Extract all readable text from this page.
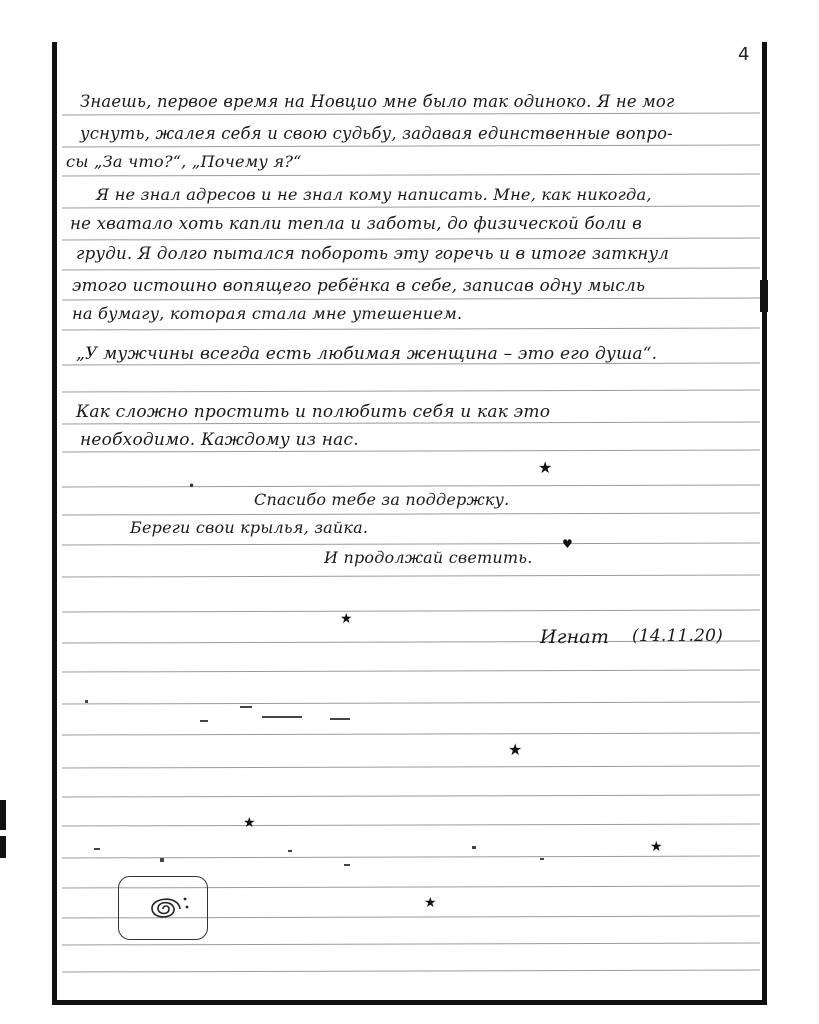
4
Знаешь, первое время на Новцио мне было так одиноко. Я не мог
уснуть, жалея себя и свою судьбу, задавая единственные вопро-
сы „За что?“, „Почему я?“
Я не знал адресов и не знал кому написать. Мне, как никогда,
не хватало хоть капли тепла и заботы, до физической боли в
груди. Я долго пытался побороть эту горечь и в итоге заткнул
этого истошно вопящего ребёнка в себе, записав одну мысль
на бумагу, которая стала мне утешением.
„У мужчины всегда есть любимая женщина – это его душа“.
Как сложно простить и полюбить себя и как это
необходимо. Каждому из нас.
Спасибо тебе за поддержку.
Береги свои крылья, зайка.
И продолжай светить.
Игнат (14.11.20)
★
•
♥
★
★
★
★
★
